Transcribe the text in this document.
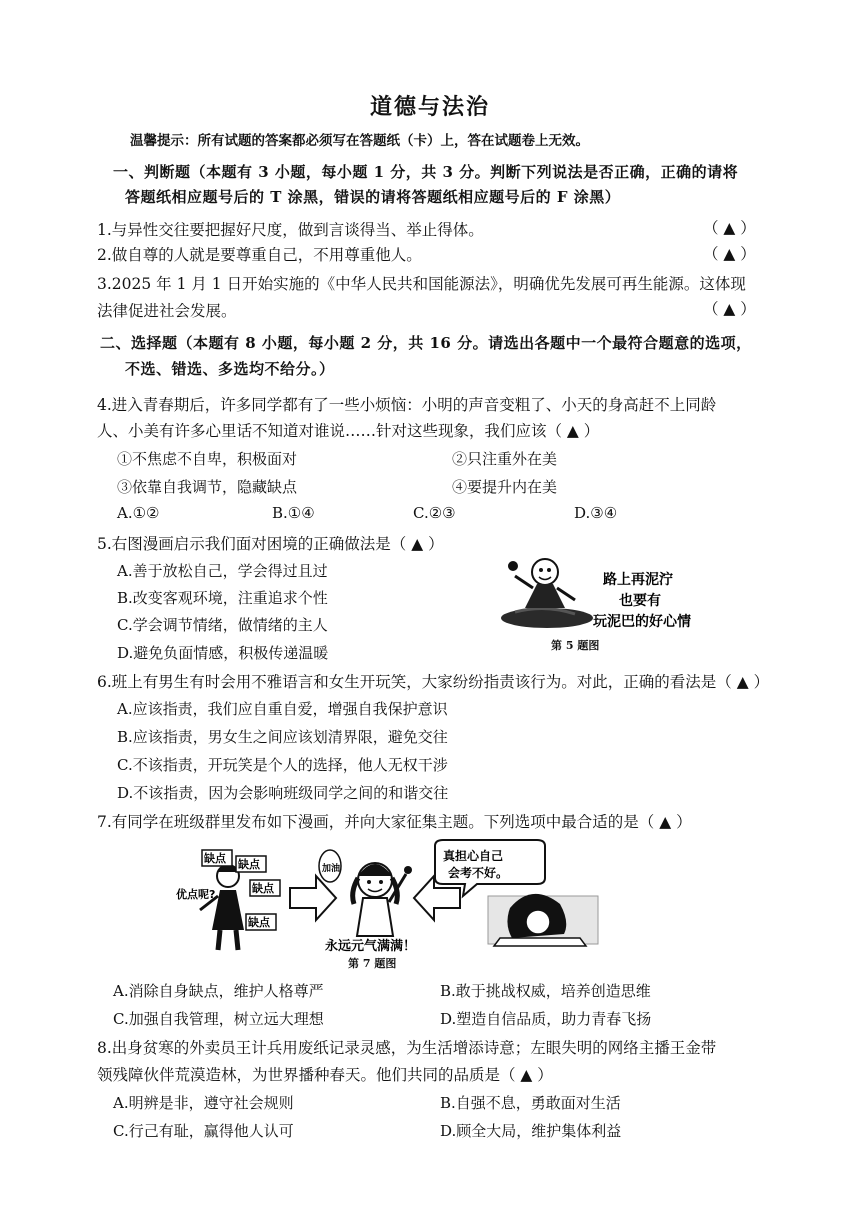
道德与法治
温馨提示：所有试题的答案都必须写在答题纸（卡）上，答在试题卷上无效。
一、判断题（本题有 3 小题，每小题 1 分，共 3 分。判断下列说法是否正确，正确的请将
答题纸相应题号后的 T 涂黑，错误的请将答题纸相应题号后的 F 涂黑）
1.与异性交往要把握好尺度，做到言谈得当、举止得体。	（ ▲ ）
2.做自尊的人就是要尊重自己，不用尊重他人。	（ ▲ ）
3.2025 年 1 月 1 日开始实施的《中华人民共和国能源法》，明确优先发展可再生能源。这体现
法律促进社会发展。	（ ▲ ）
二、选择题（本题有 8 小题，每小题 2 分，共 16 分。请选出各题中一个最符合题意的选项，
不选、错选、多选均不给分。）
4.进入青春期后，许多同学都有了一些小烦恼：小明的声音变粗了、小天的身高赶不上同龄
人、小美有许多心里话不知道对谁说……针对这些现象，我们应该（ ▲ ）
①不焦虑不自卑，积极面对	②只注重外在美
③依靠自我调节，隐藏缺点	④要提升内在美
A.①②	B.①④	C.②③	D.③④
5.右图漫画启示我们面对困境的正确做法是（ ▲ ）
A.善于放松自己，学会得过且过
B.改变客观环境，注重追求个性
C.学会调节情绪，做情绪的主人
D.避免负面情感，积极传递温暖
路上再泥泞
也要有
玩泥巴的好心情
第 5 题图
6.班上有男生有时会用不雅语言和女生开玩笑，大家纷纷指责该行为。对此，正确的看法是（ ▲ ）
A.应该指责，我们应自重自爱，增强自我保护意识
B.应该指责，男女生之间应该划清界限，避免交往
C.不该指责，开玩笑是个人的选择，他人无权干涉
D.不该指责，因为会影响班级同学之间的和谐交往
7.有同学在班级群里发布如下漫画，并向大家征集主题。下列选项中最合适的是（ ▲ ）
缺点 缺点
缺点
缺点
优点呢?
加油
永远元气满满！
真担心自己
会考不好。
第 7 题图
A.消除自身缺点，维护人格尊严	B.敢于挑战权威，培养创造思维
C.加强自我管理，树立远大理想	D.塑造自信品质，助力青春飞扬
8.出身贫寒的外卖员王计兵用废纸记录灵感，为生活增添诗意；左眼失明的网络主播王金带
领残障伙伴荒漠造林，为世界播种春天。他们共同的品质是（ ▲ ）
A.明辨是非，遵守社会规则	B.自强不息，勇敢面对生活
C.行己有耻，赢得他人认可	D.顾全大局，维护集体利益
